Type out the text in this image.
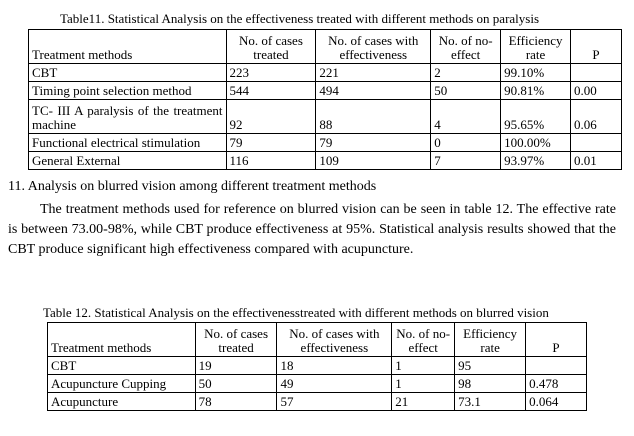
Table11. Statistical Analysis on the effectiveness treated with different methods on paralysis
Treatment methods	No. of cases treated	No. of cases with effectiveness	No. of no-effect	Efficiency rate	P
CBT	223	221	2	99.10%	
Timing point selection method	544	494	50	90.81%	0.00
TC- III A paralysis of the treatment machine	92	88	4	95.65%	0.06
Functional electrical stimulation	79	79	0	100.00%	
General External	116	109	7	93.97%	0.01
11. Analysis on blurred vision among different treatment methods
The treatment methods used for reference on blurred vision can be seen in table 12. The effective rate is between 73.00-98%, while CBT produce effectiveness at 95%. Statistical analysis results showed that the CBT produce significant high effectiveness compared with acupuncture.
Table 12. Statistical Analysis on the effectivenesstreated with different methods on blurred vision
Treatment methods	No. of cases treated	No. of cases with effectiveness	No. of no-effect	Efficiency rate	P
CBT	19	18	1	95	
Acupuncture Cupping	50	49	1	98	0.478
Acupuncture	78	57	21	73.1	0.064
